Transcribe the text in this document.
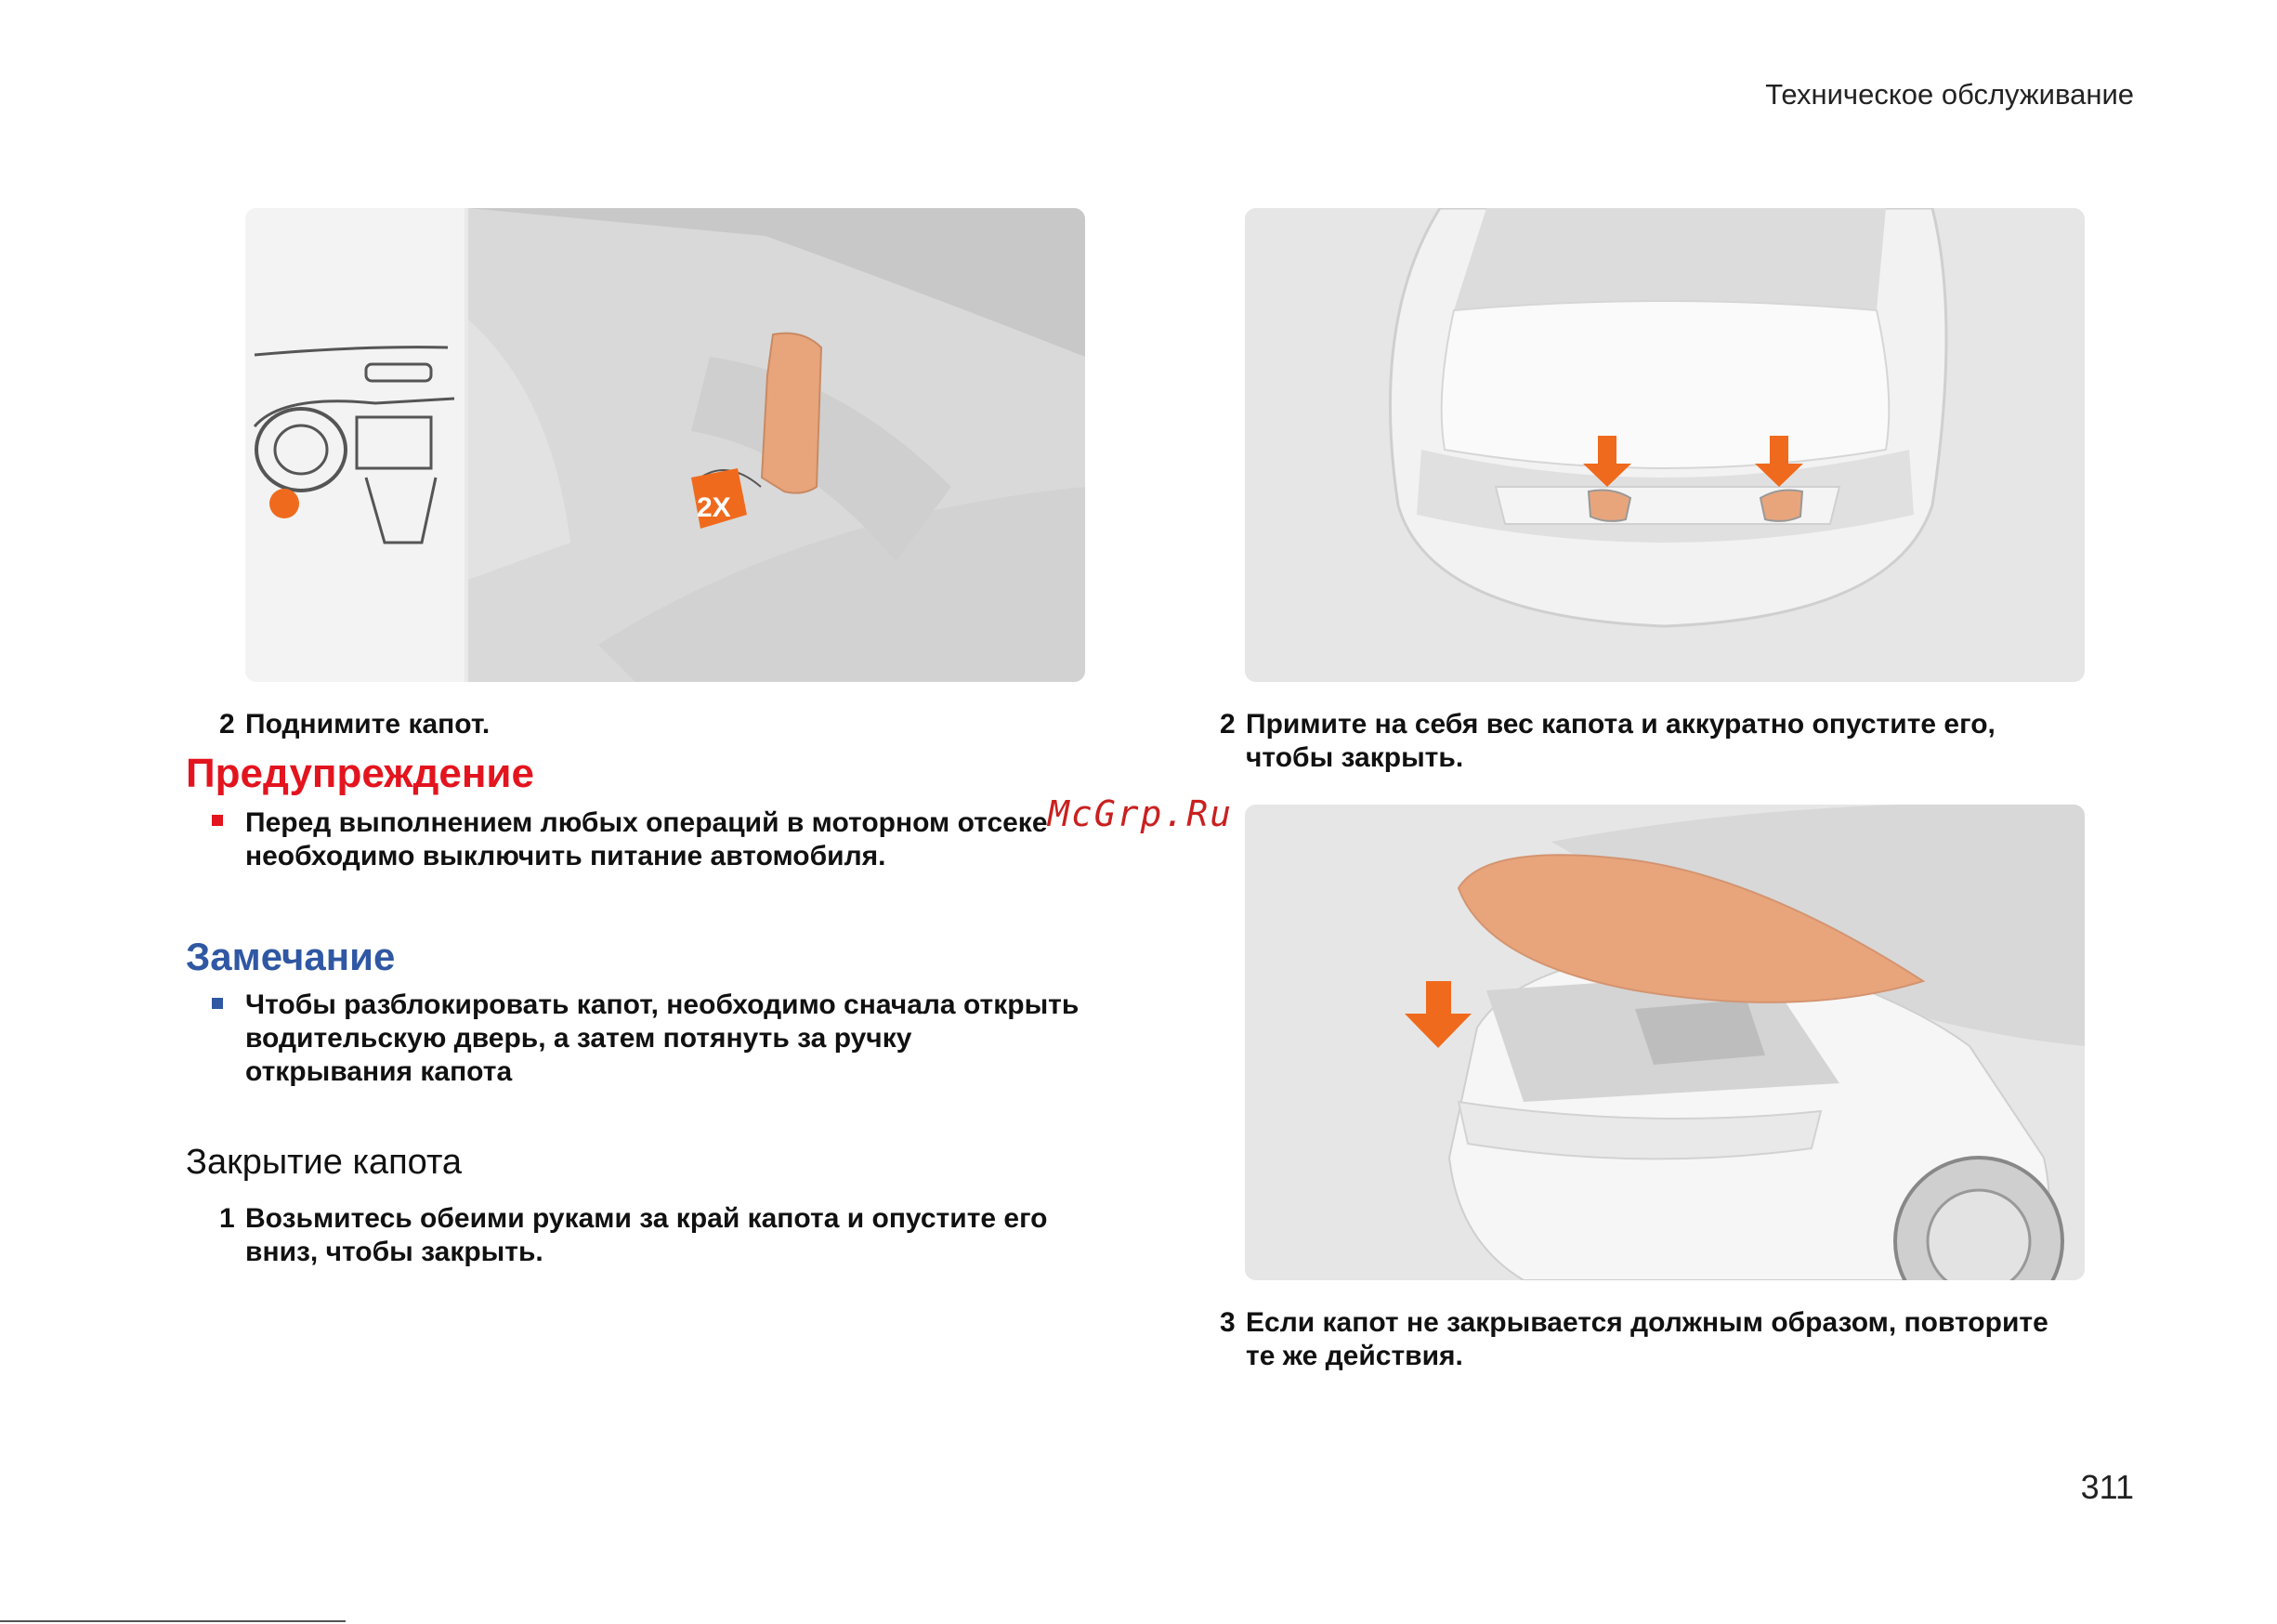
Техническое обслуживание
2X
2 Поднимите капот.
Предупреждение
Перед выполнением любых операций в моторном отсеке необходимо выключить питание автомобиля.
Замечание
Чтобы разблокировать капот, необходимо сначала открыть водительскую дверь, а затем потянуть за ручку открывания капота
Закрытие капота
1 Возьмитесь обеими руками за край капота и опустите его вниз, чтобы закрыть.
McGrp.Ru
2 Примите на себя вес капота и аккуратно опустите его, чтобы закрыть.
3 Если капот не закрывается должным образом, повторите те же действия.
311
